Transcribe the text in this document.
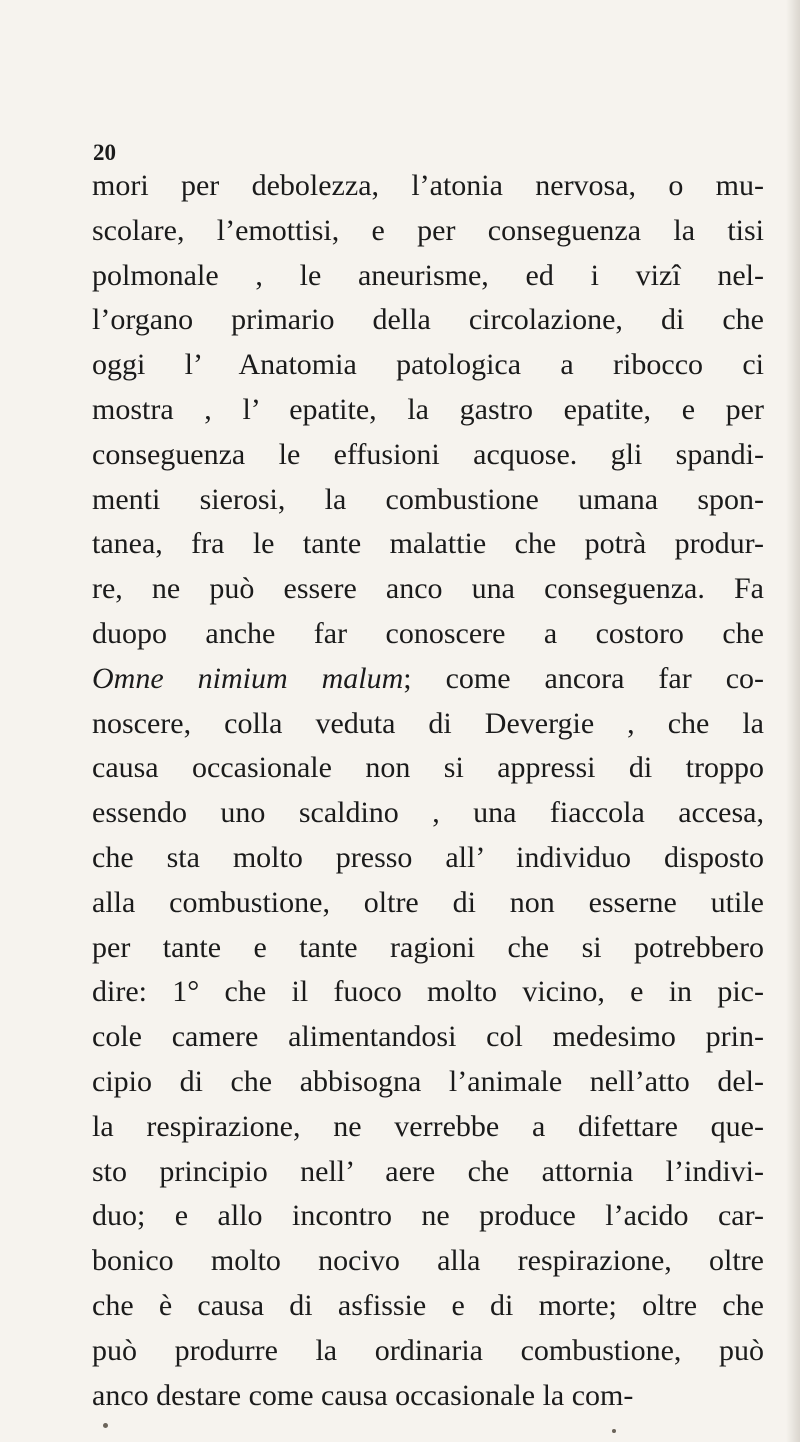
20
mori per debolezza, l’atonia nervosa, o mu-
scolare, l’emottisi, e per conseguenza la tisi
polmonale , le aneurisme, ed i vizî nel-
l’organo primario della circolazione, di che
oggi l’ Anatomia patologica a ribocco ci
mostra , l’ epatite, la gastro epatite, e per
conseguenza le effusioni acquose. gli spandi-
menti sierosi, la combustione umana spon-
tanea, fra le tante malattie che potrà produr-
re, ne può essere anco una conseguenza. Fa
duopo anche far conoscere a costoro che
Omne nimium malum; come ancora far co-
noscere, colla veduta di Devergie , che la
causa occasionale non si appressi di troppo
essendo uno scaldino , una fiaccola accesa,
che sta molto presso all’ individuo disposto
alla combustione, oltre di non esserne utile
per tante e tante ragioni che si potrebbero
dire: 1° che il fuoco molto vicino, e in pic-
cole camere alimentandosi col medesimo prin-
cipio di che abbisogna l’animale nell’atto del-
la respirazione, ne verrebbe a difettare que-
sto principio nell’ aere che attornia l’indivi-
duo; e allo incontro ne produce l’acido car-
bonico molto nocivo alla respirazione, oltre
che è causa di asfissie e di morte; oltre che
può produrre la ordinaria combustione, può
anco destare come causa occasionale la com-
